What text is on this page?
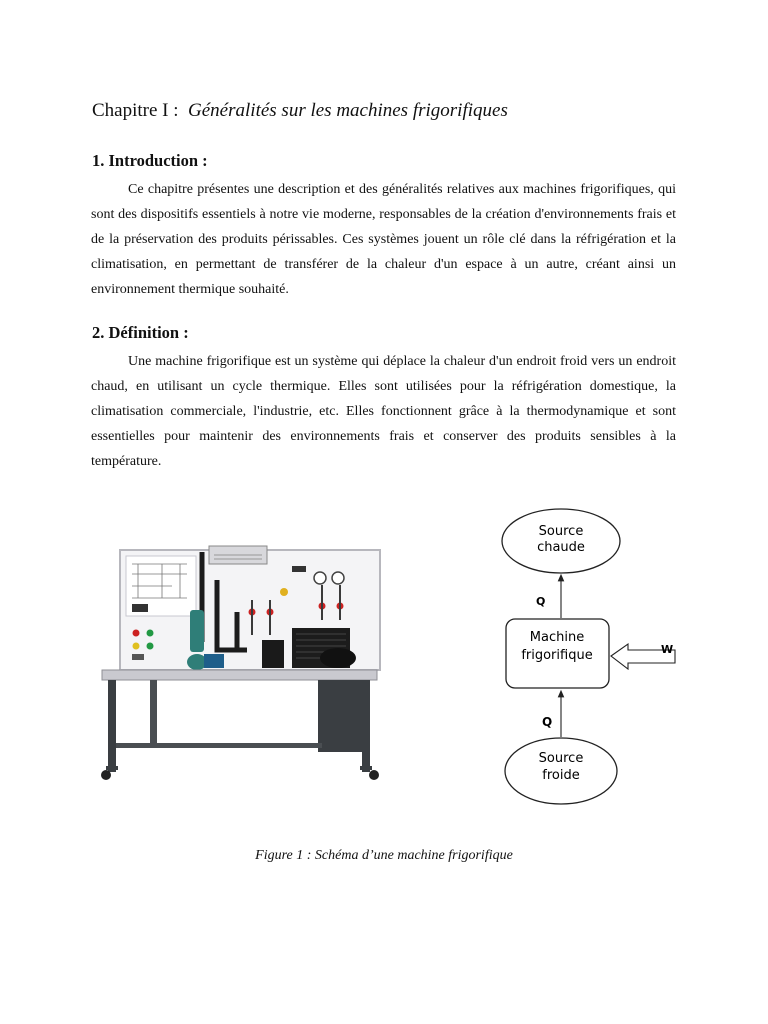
Chapitre I : Généralités sur les machines frigorifiques
1. Introduction :

Ce chapitre présentes une description et des généralités relatives aux machines frigorifiques, qui sont des dispositifs essentiels à notre vie moderne, responsables de la création d'environnements frais et de la préservation des produits périssables. Ces systèmes jouent un rôle clé dans la réfrigération et la climatisation, en permettant de transférer de la chaleur d'un espace à un autre, créant ainsi un environnement thermique souhaité.

2. Définition :

Une machine frigorifique est un système qui déplace la chaleur d'un endroit froid vers un endroit chaud, en utilisant un cycle thermique. Elles sont utilisées pour la réfrigération domestique, la climatisation commerciale, l'industrie, etc. Elles fonctionnent grâce à la thermodynamique et sont essentielles pour maintenir des environnements frais et conserver des produits sensibles à la température.

Source
chaude
Q
Machine
frigorifique	W
Q
Source
froide
Figure 1 : Schéma d’une machine frigorifique
